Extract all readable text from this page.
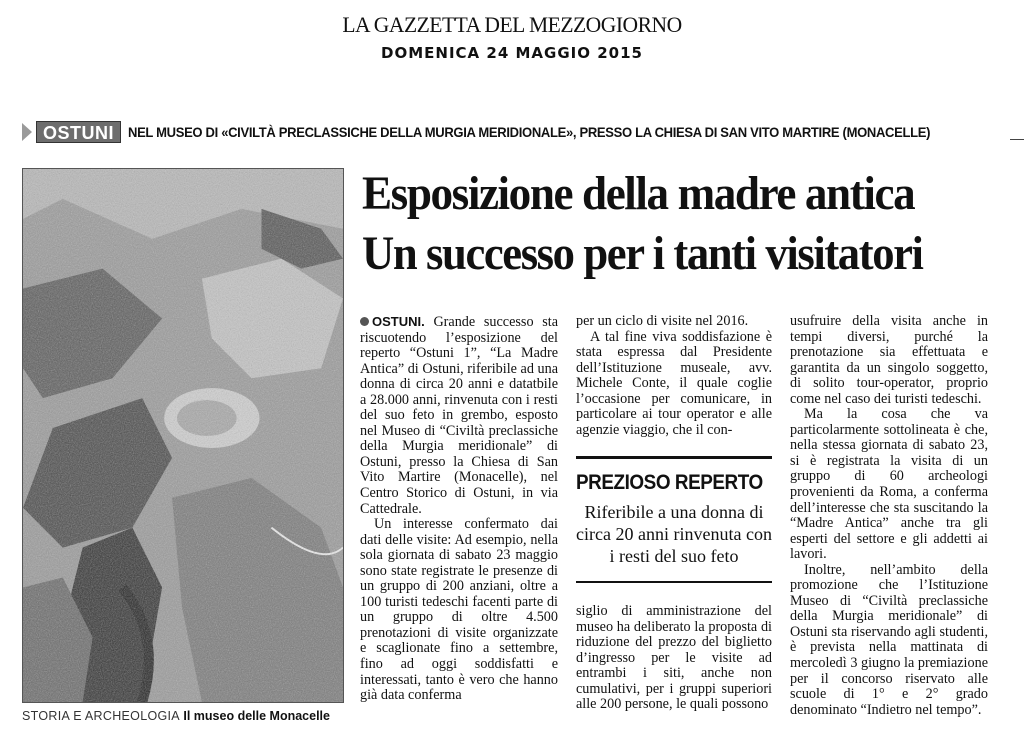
LA GAZZETTA DEL MEZZOGIORNO
DOMENICA 24 MAGGIO 2015
OSTUNI	NEL MUSEO DI «CIVILTÀ PRECLASSICHE DELLA MURGIA MERIDIONALE», PRESSO LA CHIESA DI SAN VITO MARTIRE (MONACELLE)
STORIA E ARCHEOLOGIA Il museo delle Monacelle
Esposizione della madre antica
Un successo per i tanti visitatori

OSTUNI. Grande successo sta riscuotendo l’esposizione del reperto “Ostuni 1”, “La Madre Antica” di Ostuni, riferibile ad una donna di circa 20 anni e datatbile a 28.000 anni, rinvenuta con i resti del suo feto in grembo, esposto nel Museo di “Civiltà preclassiche della Murgia meridionale” di Ostuni, presso la Chiesa di San Vito Martire (Monacelle), nel Centro Storico di Ostuni, in via Cattedrale.

Un interesse confermato dai dati delle visite: Ad esempio, nella sola giornata di sabato 23 maggio sono state registrate le presenze di un gruppo di 200 anziani, oltre a 100 turisti tedeschi facenti parte di un gruppo di oltre 4.500 prenotazioni di visite organizzate e scaglionate fino a settembre, fino ad oggi soddisfatti e interessati, tanto è vero che hanno già data conferma

per un ciclo di visite nel 2016.

A tal fine viva soddisfazione è stata espressa dal Presidente dell’Istituzione museale, avv. Michele Conte, il quale coglie l’occasione per comunicare, in particolare ai tour operator e alle agenzie viaggio, che il con-

PREZIOSO REPERTO
Riferibile a una donna di circa 20 anni rinvenuta con i resti del suo feto

siglio di amministrazione del museo ha deliberato la proposta di riduzione del prezzo del biglietto d’ingresso per le visite ad entrambi i siti, anche non cumulativi, per i gruppi superiori alle 200 persone, le quali possono

usufruire della visita anche in tempi diversi, purché la prenotazione sia effettuata e garantita da un singolo soggetto, di solito tour-operator, proprio come nel caso dei turisti tedeschi.

Ma la cosa che va particolarmente sottolineata è che, nella stessa giornata di sabato 23, si è registrata la visita di un gruppo di 60 archeologi provenienti da Roma, a conferma dell’interesse che sta suscitando la “Madre Antica” anche tra gli esperti del settore e gli addetti ai lavori.

Inoltre, nell’ambito della promozione che l’Istituzione Museo di “Civiltà preclassiche della Murgia meridionale” di Ostuni sta riservando agli studenti, è prevista nella mattinata di mercoledì 3 giugno la premiazione per il concorso riservato alle scuole di 1° e 2° grado denominato “Indietro nel tempo”.
